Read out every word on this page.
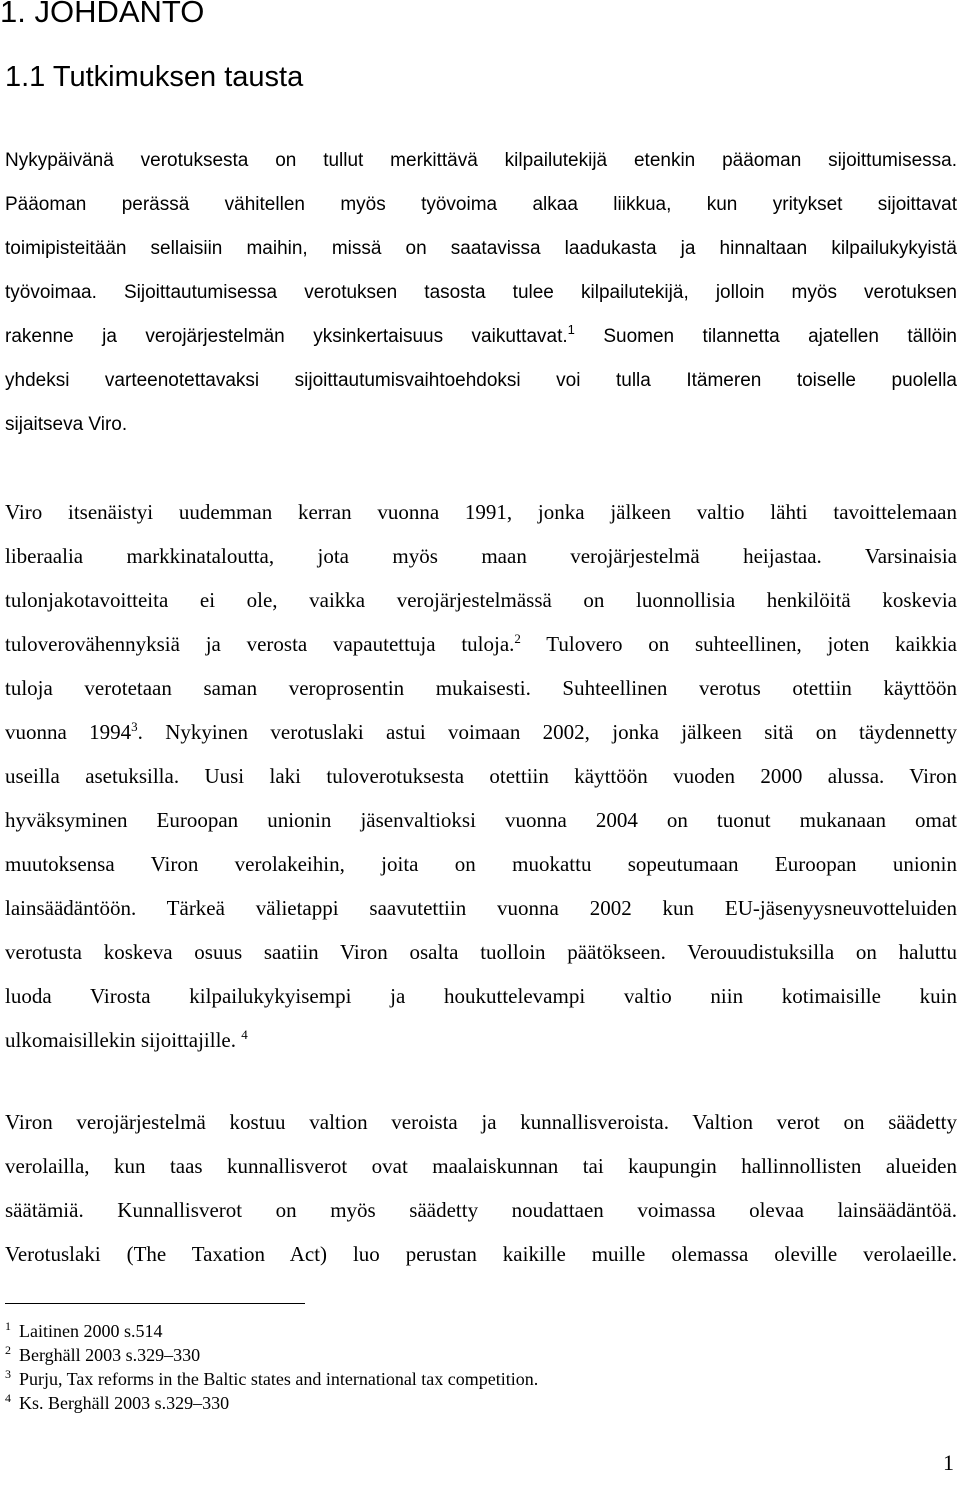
1. JOHDANTO
1.1 Tutkimuksen tausta
Nykypäivänä verotuksesta on tullut merkittävä kilpailutekijä etenkin pääoman sijoittumisessa.
Pääoman perässä vähitellen myös työvoima alkaa liikkua, kun yritykset sijoittavat
toimipisteitään sellaisiin maihin, missä on saatavissa laadukasta ja hinnaltaan kilpailukykyistä
työvoimaa. Sijoittautumisessa verotuksen tasosta tulee kilpailutekijä, jolloin myös verotuksen
rakenne ja verojärjestelmän yksinkertaisuus vaikuttavat.$^1$ Suomen tilannetta ajatellen tällöin
yhdeksi varteenotettavaksi sijoittautumisvaihtoehdoksi voi tulla Itämeren toiselle puolella
sijaitseva Viro.
Viro itsenäistyi uudemman kerran vuonna 1991, jonka jälkeen valtio lähti tavoittelemaan
liberaalia markkinataloutta, jota myös maan verojärjestelmä heijastaa. Varsinaisia
tulonjakotavoitteita ei ole, vaikka verojärjestelmässä on luonnollisia henkilöitä koskevia
tuloverovähennyksiä ja verosta vapautettuja tuloja.$^2$ Tulovero on suhteellinen, joten kaikkia
tuloja verotetaan saman veroprosentin mukaisesti. Suhteellinen verotus otettiin käyttöön
vuonna 1994$^3$. Nykyinen verotuslaki astui voimaan 2002, jonka jälkeen sitä on täydennetty
useilla asetuksilla. Uusi laki tuloverotuksesta otettiin käyttöön vuoden 2000 alussa. Viron
hyväksyminen Euroopan unionin jäsenvaltioksi vuonna 2004 on tuonut mukanaan omat
muutoksensa Viron verolakeihin, joita on muokattu sopeutumaan Euroopan unionin
lainsäädäntöön. Tärkeä välietappi saavutettiin vuonna 2002 kun EU-jäsenyysneuvotteluiden
verotusta koskeva osuus saatiin Viron osalta tuolloin päätökseen. Verouudistuksilla on haluttu
luoda Virosta kilpailukykyisempi ja houkuttelevampi valtio niin kotimaisille kuin
ulkomaisillekin sijoittajille. $^4$
Viron verojärjestelmä kostuu valtion veroista ja kunnallisveroista. Valtion verot on säädetty
verolailla, kun taas kunnallisverot ovat maalaiskunnan tai kaupungin hallinnollisten alueiden
säätämiä. Kunnallisverot on myös säädetty noudattaen voimassa olevaa lainsäädäntöä.
Verotuslaki (The Taxation Act) luo perustan kaikille muille olemassa oleville verolaeille.
1 Laitinen 2000 s.514
2 Berghäll 2003 s.329–330
3 Purju, Tax reforms in the Baltic states and international tax competition.
4 Ks. Berghäll 2003 s.329–330
1
